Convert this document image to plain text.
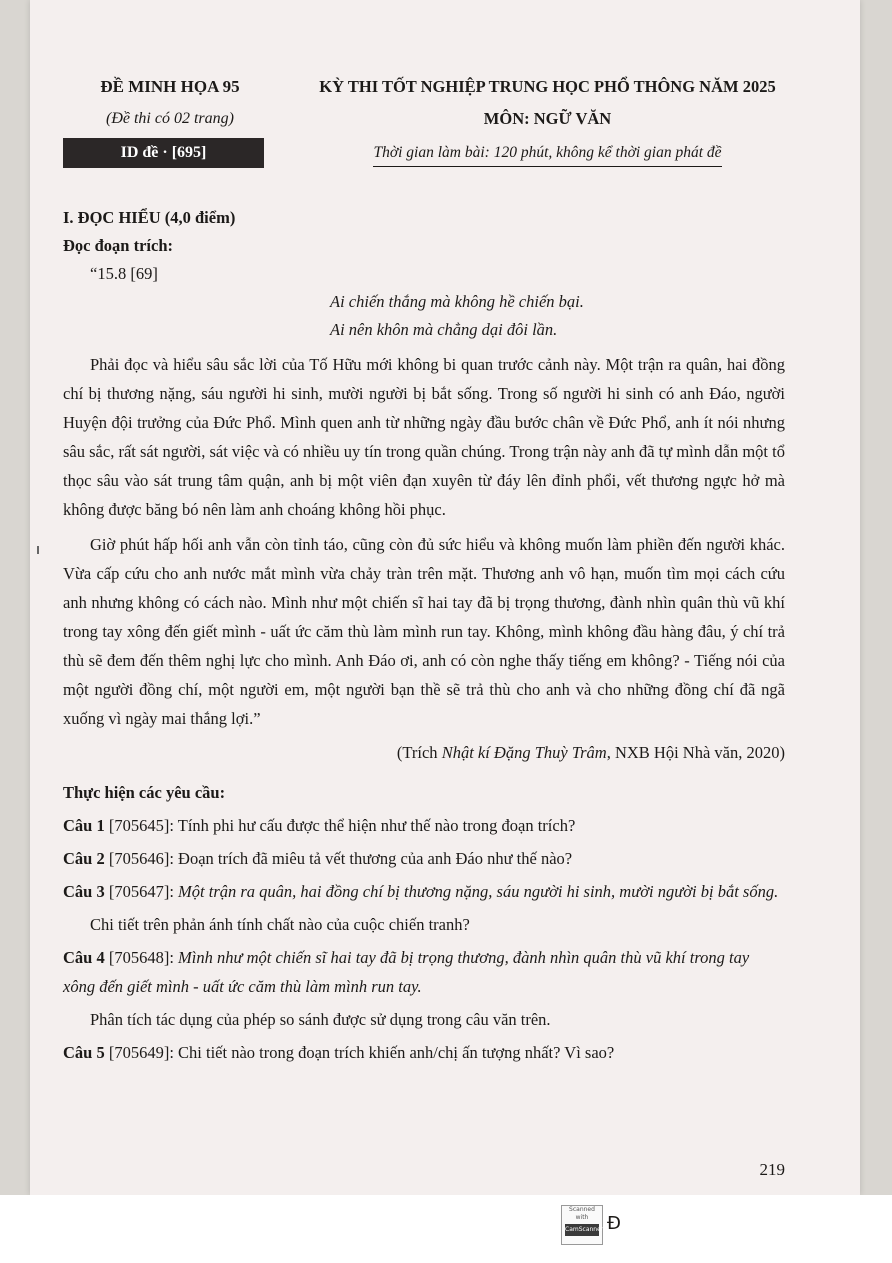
ĐỀ MINH HỌA 95
(Đề thi có 02 trang)
ID đề · [695]
KỲ THI TỐT NGHIỆP TRUNG HỌC PHỔ THÔNG NĂM 2025
MÔN: NGỮ VĂN
Thời gian làm bài: 120 phút, không kể thời gian phát đề

I. ĐỌC HIỂU (4,0 điểm)

Đọc đoạn trích:

“15.8 [69]

Ai chiến thắng mà không hề chiến bại.

Ai nên khôn mà chẳng dại đôi lần.

Phải đọc và hiểu sâu sắc lời của Tố Hữu mới không bi quan trước cảnh này. Một trận ra quân, hai đồng chí bị thương nặng, sáu người hi sinh, mười người bị bắt sống. Trong số người hi sinh có anh Đáo, người Huyện đội trưởng của Đức Phổ. Mình quen anh từ những ngày đầu bước chân về Đức Phổ, anh ít nói nhưng sâu sắc, rất sát người, sát việc và có nhiều uy tín trong quần chúng. Trong trận này anh đã tự mình dẫn một tổ thọc sâu vào sát trung tâm quận, anh bị một viên đạn xuyên từ đáy lên đỉnh phổi, vết thương ngực hở mà không được băng bó nên làm anh choáng không hồi phục.

Giờ phút hấp hối anh vẫn còn tỉnh táo, cũng còn đủ sức hiểu và không muốn làm phiền đến người khác. Vừa cấp cứu cho anh nước mắt mình vừa chảy tràn trên mặt. Thương anh vô hạn, muốn tìm mọi cách cứu anh nhưng không có cách nào. Mình như một chiến sĩ hai tay đã bị trọng thương, đành nhìn quân thù vũ khí trong tay xông đến giết mình - uất ức căm thù làm mình run tay. Không, mình không đầu hàng đâu, ý chí trả thù sẽ đem đến thêm nghị lực cho mình. Anh Đáo ơi, anh có còn nghe thấy tiếng em không? - Tiếng nói của một người đồng chí, một người em, một người bạn thề sẽ trả thù cho anh và cho những đồng chí đã ngã xuống vì ngày mai thắng lợi.”

(Trích Nhật kí Đặng Thuỳ Trâm, NXB Hội Nhà văn, 2020)

Thực hiện các yêu cầu:

Câu 1 [705645]: Tính phi hư cấu được thể hiện như thế nào trong đoạn trích?

Câu 2 [705646]: Đoạn trích đã miêu tả vết thương của anh Đáo như thế nào?

Câu 3 [705647]: Một trận ra quân, hai đồng chí bị thương nặng, sáu người hi sinh, mười người bị bắt sống.

Chi tiết trên phản ánh tính chất nào của cuộc chiến tranh?

Câu 4 [705648]: Mình như một chiến sĩ hai tay đã bị trọng thương, đành nhìn quân thù vũ khí trong tay xông đến giết mình - uất ức căm thù làm mình run tay.

Phân tích tác dụng của phép so sánh được sử dụng trong câu văn trên.

Câu 5 [705649]: Chi tiết nào trong đoạn trích khiến anh/chị ấn tượng nhất? Vì sao?

219
Scanned with
CamScanner Đ
